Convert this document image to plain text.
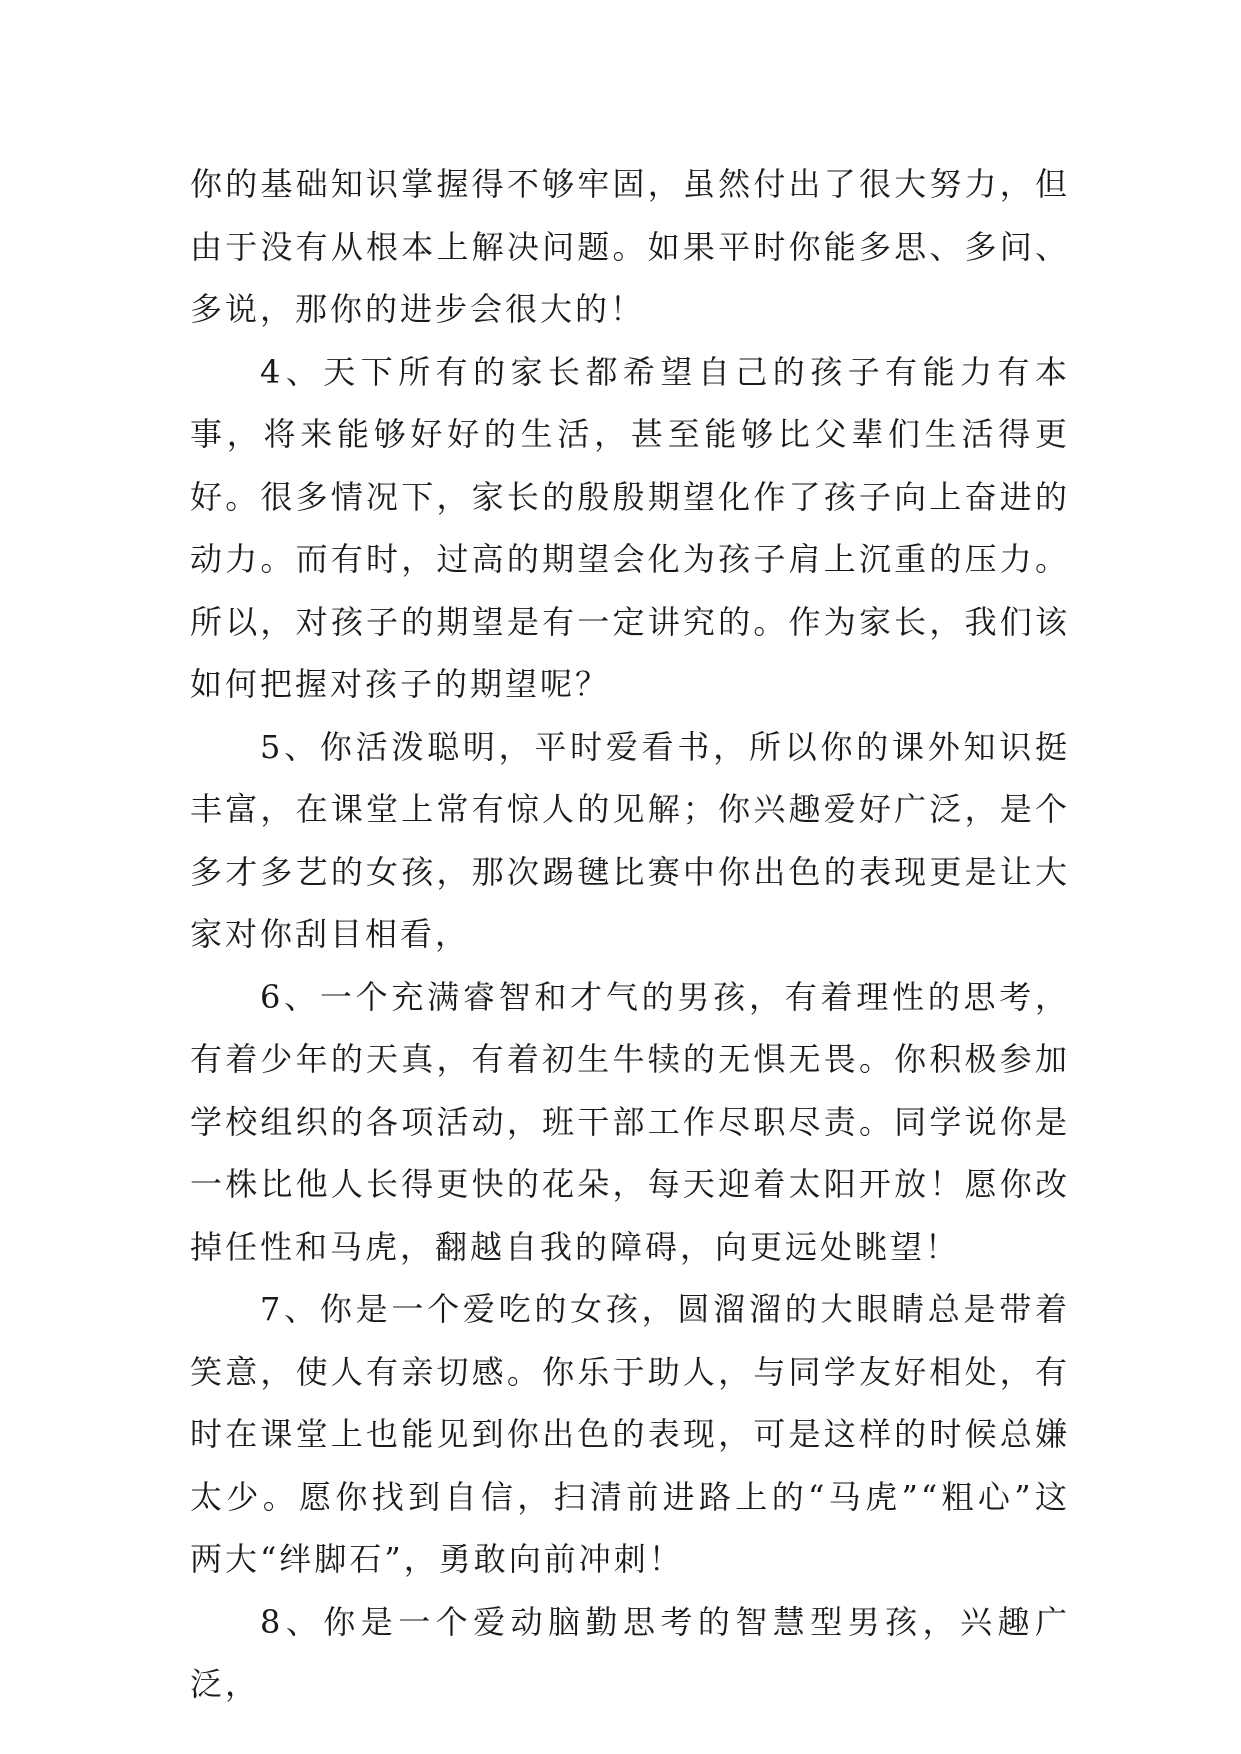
你的基础知识掌握得不够牢固，虽然付出了很大努力，但由于没有从根本上解决问题。如果平时你能多思、多问、多说，那你的进步会很大的！

4、天下所有的家长都希望自己的孩子有能力有本事，将来能够好好的生活，甚至能够比父辈们生活得更好。很多情况下，家长的殷殷期望化作了孩子向上奋进的动力。而有时，过高的期望会化为孩子肩上沉重的压力。所以，对孩子的期望是有一定讲究的。作为家长，我们该如何把握对孩子的期望呢？

5、你活泼聪明，平时爱看书，所以你的课外知识挺丰富，在课堂上常有惊人的见解；你兴趣爱好广泛，是个多才多艺的女孩，那次踢毽比赛中你出色的表现更是让大家对你刮目相看，

6、一个充满睿智和才气的男孩，有着理性的思考，有着少年的天真，有着初生牛犊的无惧无畏。你积极参加学校组织的各项活动，班干部工作尽职尽责。同学说你是一株比他人长得更快的花朵，每天迎着太阳开放！愿你改掉任性和马虎，翻越自我的障碍，向更远处眺望！

7、你是一个爱吃的女孩，圆溜溜的大眼睛总是带着笑意，使人有亲切感。你乐于助人，与同学友好相处，有时在课堂上也能见到你出色的表现，可是这样的时候总嫌太少。愿你找到自信，扫清前进路上的“马虎”“粗心”这两大“绊脚石”，勇敢向前冲刺！

8、你是一个爱动脑勤思考的智慧型男孩，兴趣广泛，
